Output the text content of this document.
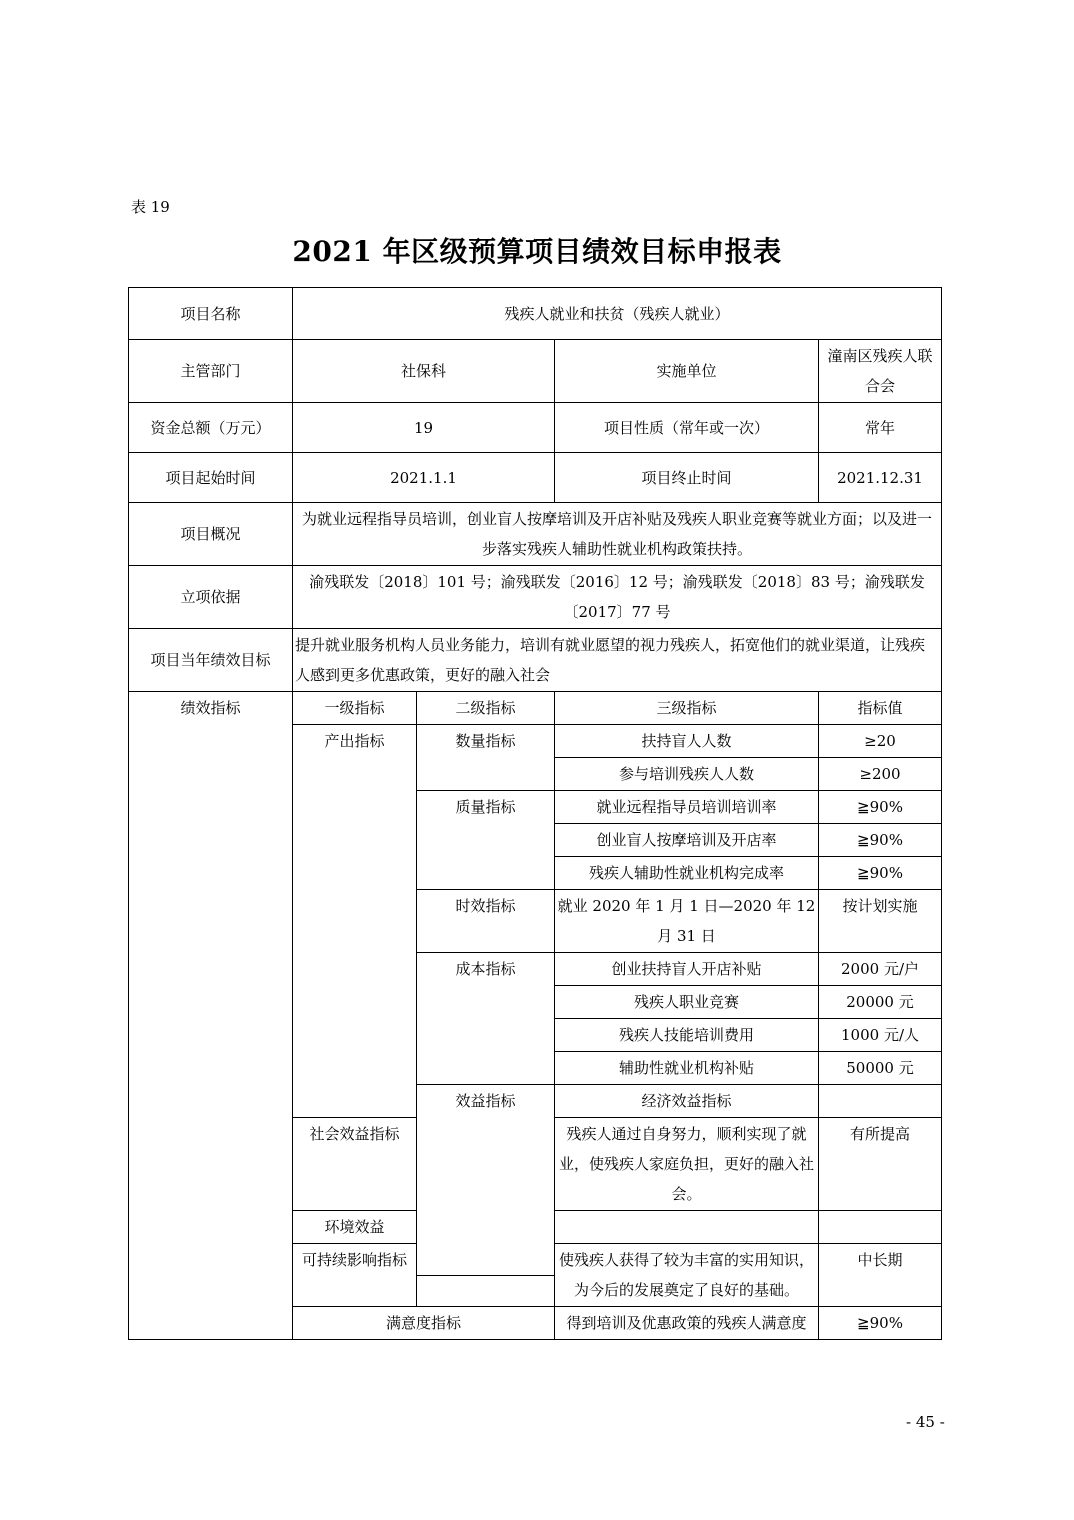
表 19
2021 年区级预算项目绩效目标申报表
项目名称	残疾人就业和扶贫（残疾人就业）				
主管部门	社保科		实施单位	潼南区残疾人联合会	
资金总额（万元）	19		项目性质（常年或一次）	常年	
项目起始时间	2021.1.1		项目终止时间	2021.12.31	
项目概况	为就业远程指导员培训，创业盲人按摩培训及开店补贴及残疾人职业竞赛等就业方面；以及进一步落实残疾人辅助性就业机构政策扶持。				
立项依据	渝残联发〔2018〕101 号；渝残联发〔2016〕12 号；渝残联发〔2018〕83 号；渝残联发〔2017〕77 号				
项目当年绩效目标	提升就业服务机构人员业务能力，培训有就业愿望的视力残疾人，拓宽他们的就业渠道，让残疾人感到更多优惠政策，更好的融入社会				
绩效指标	一级指标	二级指标	三级指标	指标值	
	产出指标	数量指标	扶持盲人人数	≥20	
			参与培训残疾人人数	≥200	
		质量指标	就业远程指导员培训培训率	≧90%	
			创业盲人按摩培训及开店率	≧90%	
			残疾人辅助性就业机构完成率	≧90%	
		时效指标	就业 2020 年 1 月 1 日—2020 年 12 月 31 日	按计划实施	
		成本指标	创业扶持盲人开店补贴	2000 元/户	
			残疾人职业竞赛	20000 元	
			残疾人技能培训费用	1000 元/人	
			辅助性就业机构补贴	50000 元	
		效益指标	经济效益指标		
	社会效益指标		残疾人通过自身努力，顺利实现了就业，使残疾人家庭负担，更好的融入社会。	有所提高	

	环境效益				
	可持续影响指标		使残疾人获得了较为丰富的实用知识，为今后的发展奠定了良好的基础。	中长期	

	满意度指标		得到培训及优惠政策的残疾人满意度	≧90%	
- 45 -
